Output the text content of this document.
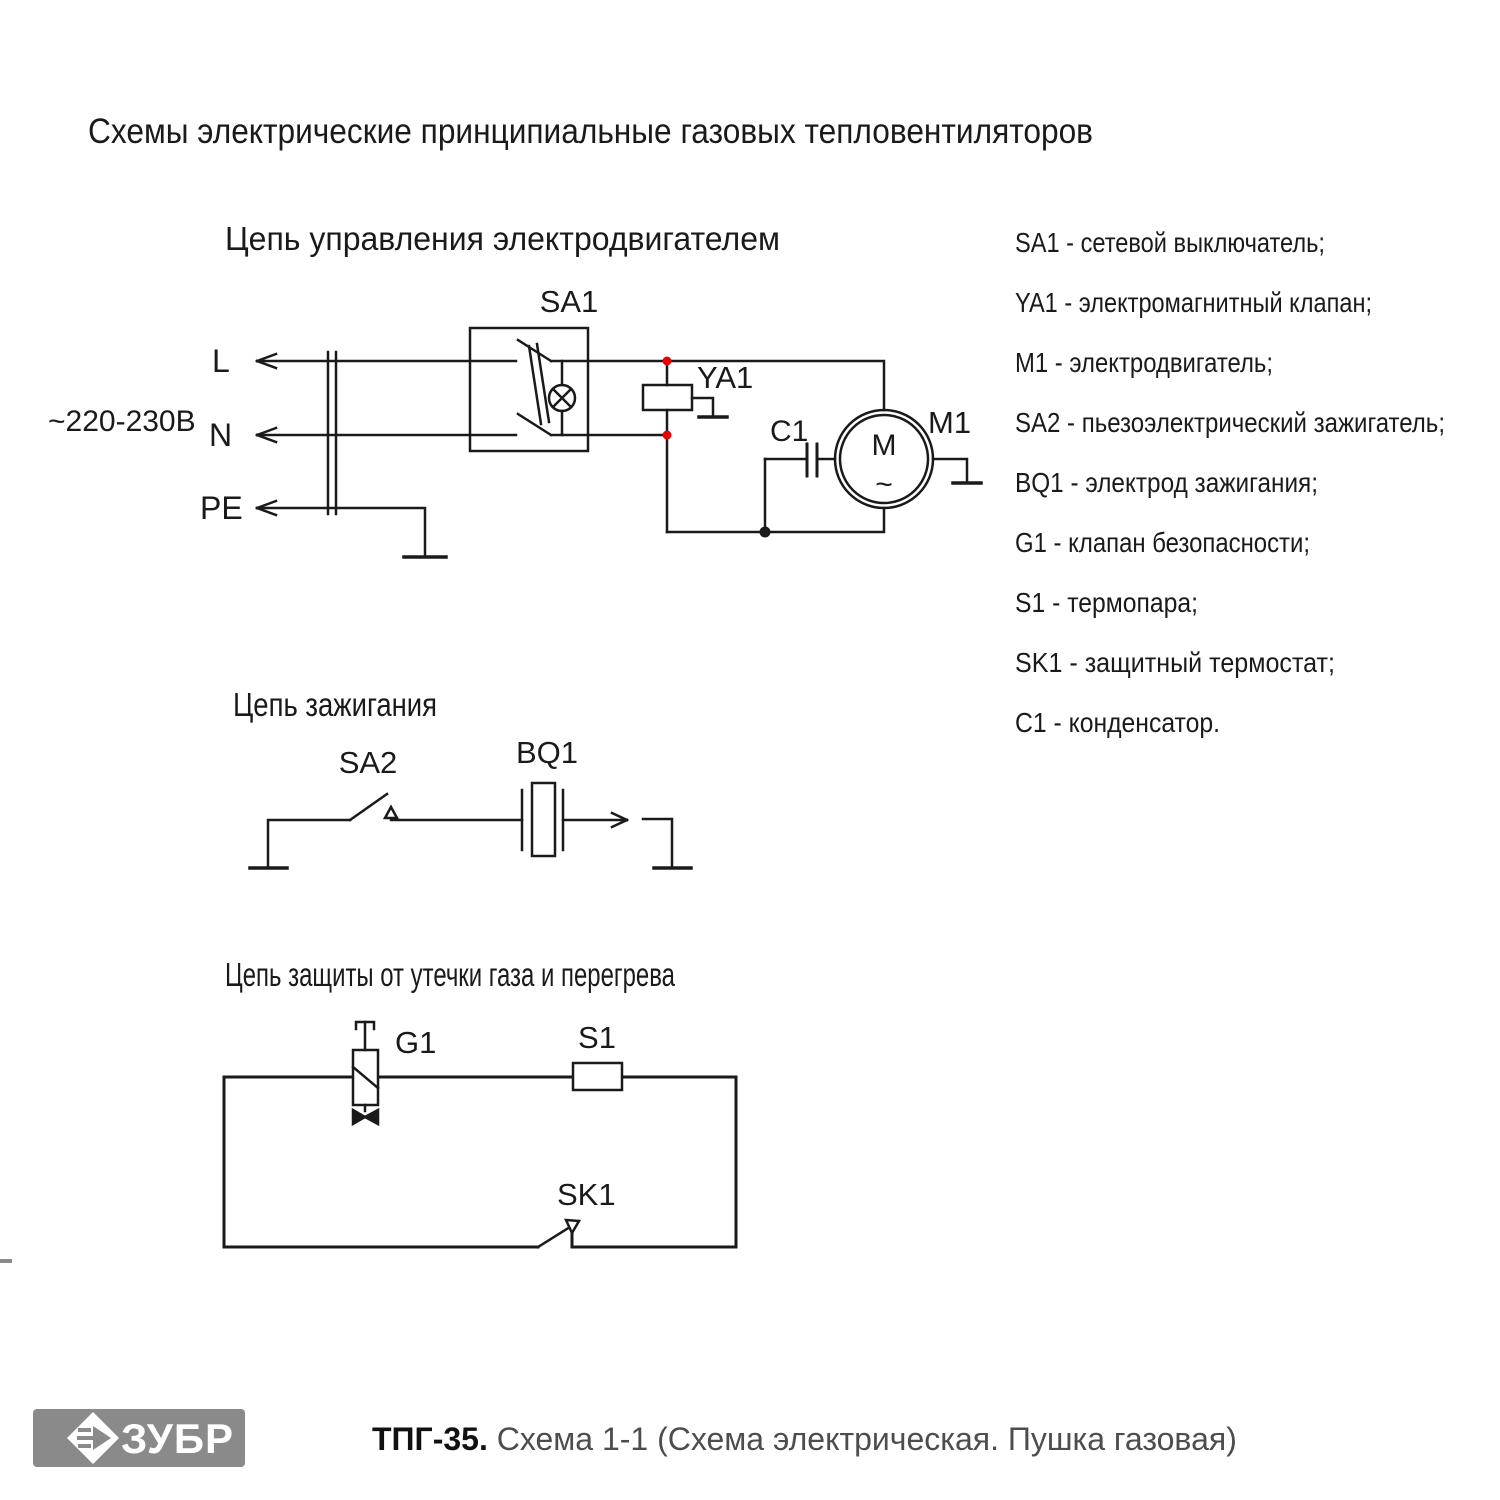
Схемы электрические принципиальные газовых тепловентиляторов
Цепь управления электродвигателем
~220-230В
L
N
PE
SA1
YA1
C1 M
~
M1
Цепь зажигания
SA2	BQ1
Цепь защиты от утечки газа и перегрева
G1	S1
SK1
SA1 - сетевой выключатель;
YA1 - электромагнитный клапан;
M1 - электродвигатель;
SA2 - пьезоэлектрический зажигатель;
BQ1 - электрод зажигания;
G1 - клапан безопасности;
S1 - термопара;
SK1 - защитный термостат;
C1 - конденсатор.
ЗУБР	ТПГ-35. Схема 1-1 (Схема электрическая. Пушка газовая)
